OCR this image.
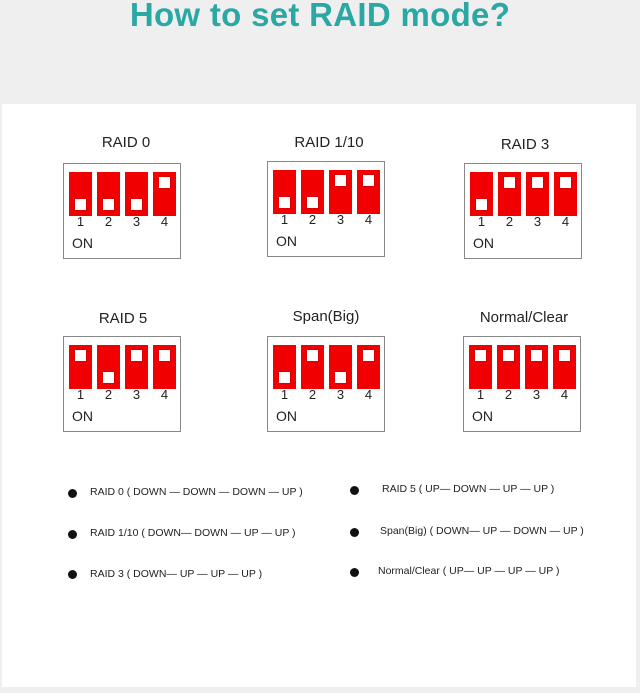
How to set RAID mode?
RAID 0
1	2	3	4
ON
RAID 1/10
1	2	3	4
ON
RAID 3
1	2	3	4
ON
RAID 5
1	2	3	4
ON
Span(Big)
1	2	3	4
ON
Normal/Clear
1	2	3	4
ON
RAID 0 ( DOWN — DOWN — DOWN — UP )
RAID 1/10 ( DOWN— DOWN — UP — UP )
RAID 3 ( DOWN— UP — UP — UP )
RAID 5 ( UP— DOWN — UP — UP )
Span(Big) ( DOWN— UP — DOWN — UP )
Normal/Clear ( UP— UP — UP — UP )
